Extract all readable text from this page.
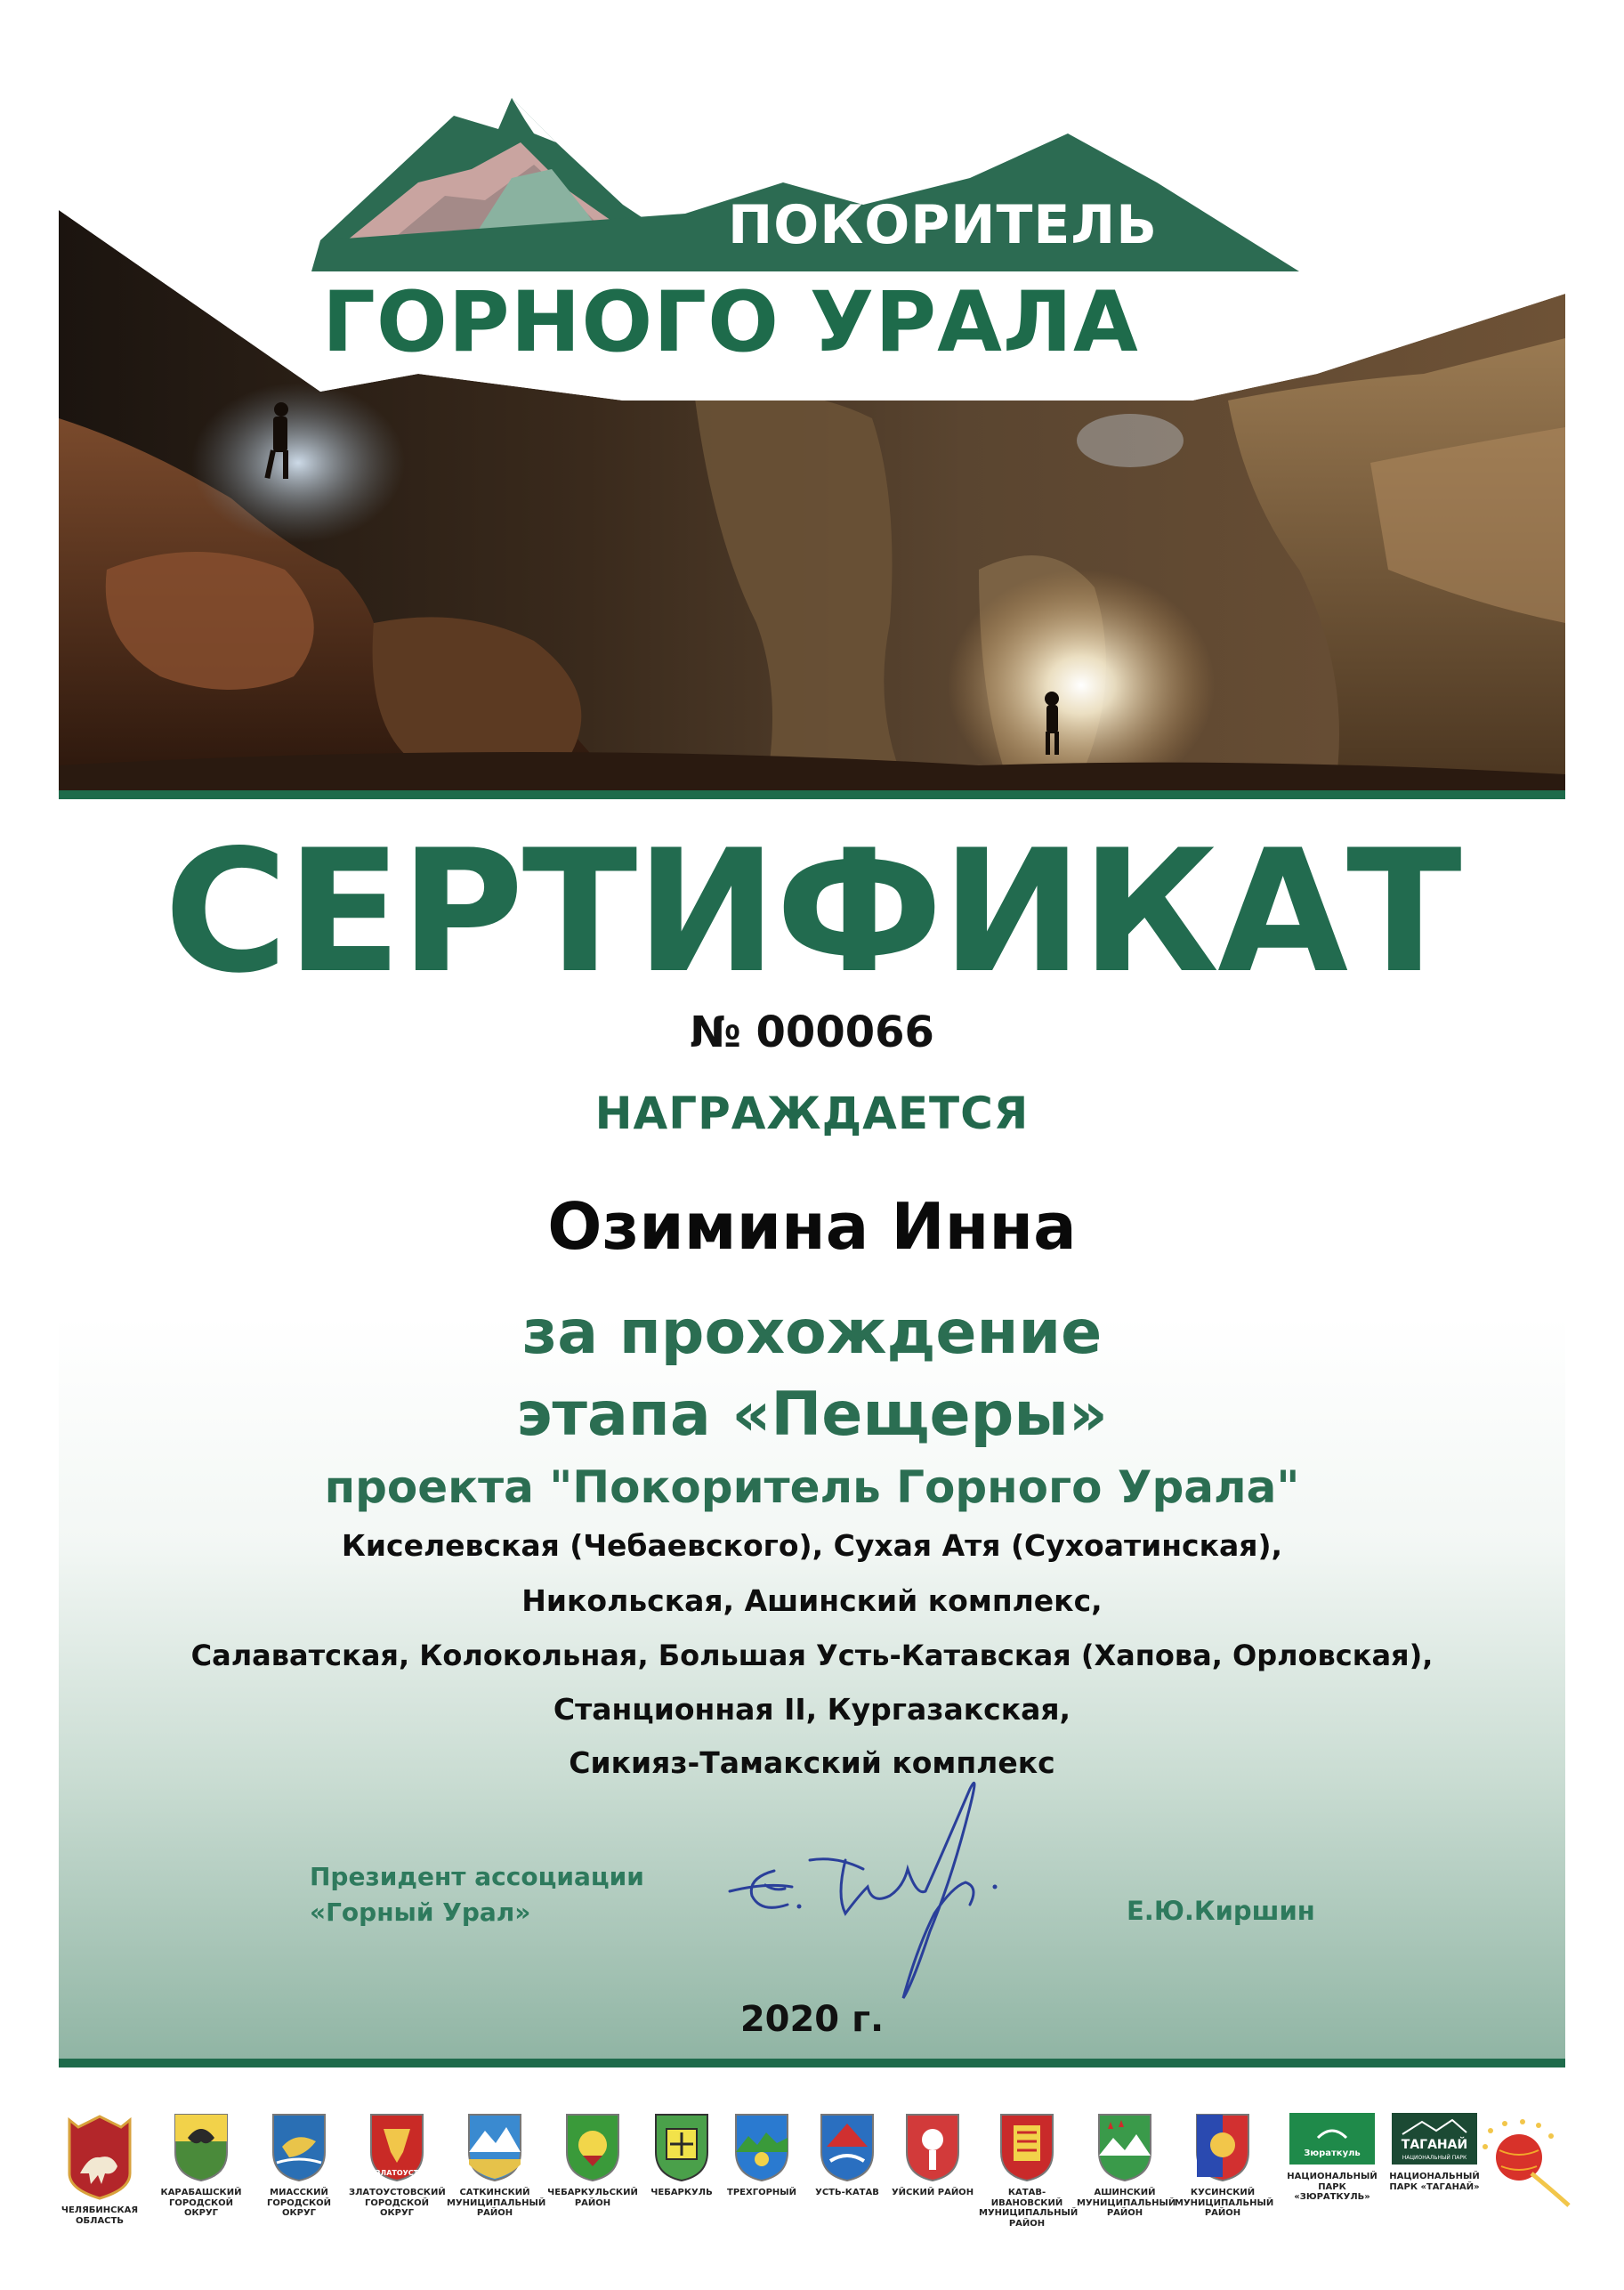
ПОКОРИТЕЛЬ
ГОРНОГО УРАЛА
СЕРТИФИКАТ
№ 000066
НАГРАЖДАЕТСЯ
Озимина Инна
за прохождение
этапа «Пещеры»
проекта "Покоритель Горного Урала"
Киселевская (Чебаевского), Сухая Атя (Сухоатинская),
Никольская, Ашинский комплекс,
Салаватская, Колокольная, Большая Усть-Катавская (Хапова, Орловская),
Станционная II, Кургазакская,
Сикияз-Тамакский комплекс
Президент ассоциации
«Горный Урал»	Е.Ю.Киршин
2020 г.
ЧЕЛЯБИНСКАЯ ОБЛАСТЬ
КАРАБАШСКИЙ ГОРОДСКОЙ ОКРУГ
МИАССКИЙ ГОРОДСКОЙ ОКРУГ
ЗЛАТОУСТ
ЗЛАТОУСТОВСКИЙ ГОРОДСКОЙ ОКРУГ
САТКИНСКИЙ МУНИЦИПАЛЬНЫЙ РАЙОН
ЧЕБАРКУЛЬСКИЙ РАЙОН
ЧЕБАРКУЛЬ	ТРЕХГОРНЫЙ	УСТЬ-КАТАВ	УЙСКИЙ РАЙОН	КАТАВ-ИВАНОВСКИЙ МУНИЦИПАЛЬНЫЙ РАЙОН
АШИНСКИЙ МУНИЦИПАЛЬНЫЙ РАЙОН
КУСИНСКИЙ МУНИЦИПАЛЬНЫЙ РАЙОН
Зюраткуль
НАЦИОНАЛЬНЫЙ ПАРК «ЗЮРАТКУЛЬ»
ТАГАНАЙ
НАЦИОНАЛЬНЫЙ ПАРК
НАЦИОНАЛЬНЫЙ ПАРК «ТАГАНАЙ»
